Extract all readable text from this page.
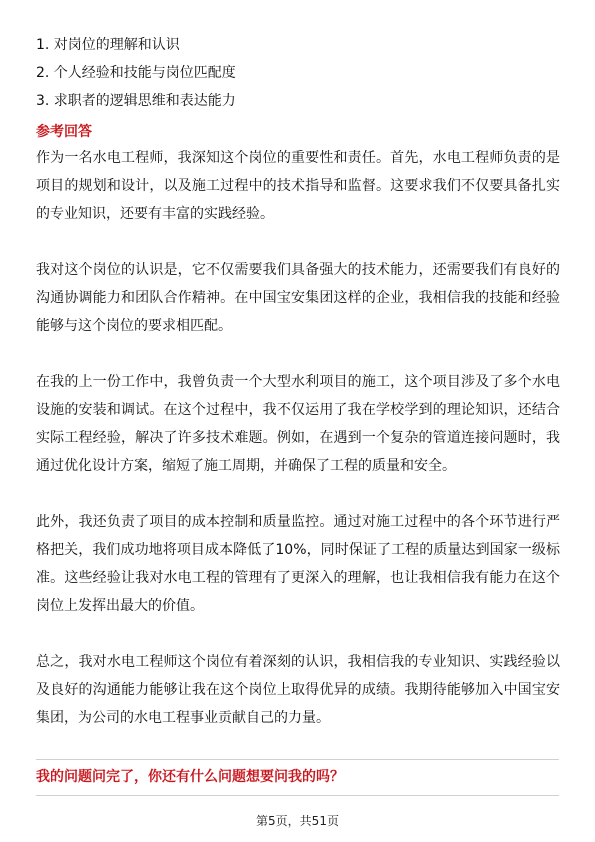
1. 对岗位的理解和认识
2. 个人经验和技能与岗位匹配度
3. 求职者的逻辑思维和表达能力
参考回答

作为一名水电工程师，我深知这个岗位的重要性和责任。首先，水电工程师负责的是项目的规划和设计，以及施工过程中的技术指导和监督。这要求我们不仅要具备扎实的专业知识，还要有丰富的实践经验。

我对这个岗位的认识是，它不仅需要我们具备强大的技术能力，还需要我们有良好的沟通协调能力和团队合作精神。在中国宝安集团这样的企业，我相信我的技能和经验能够与这个岗位的要求相匹配。

在我的上一份工作中，我曾负责一个大型水利项目的施工，这个项目涉及了多个水电设施的安装和调试。在这个过程中，我不仅运用了我在学校学到的理论知识，还结合实际工程经验，解决了许多技术难题。例如，在遇到一个复杂的管道连接问题时，我通过优化设计方案，缩短了施工周期，并确保了工程的质量和安全。

此外，我还负责了项目的成本控制和质量监控。通过对施工过程中的各个环节进行严格把关，我们成功地将项目成本降低了10%，同时保证了工程的质量达到国家一级标准。这些经验让我对水电工程的管理有了更深入的理解，也让我相信我有能力在这个岗位上发挥出最大的价值。

总之，我对水电工程师这个岗位有着深刻的认识，我相信我的专业知识、实践经验以及良好的沟通能力能够让我在这个岗位上取得优异的成绩。我期待能够加入中国宝安集团，为公司的水电工程事业贡献自己的力量。

我的问题问完了，你还有什么问题想要问我的吗？
第5页，共51页
